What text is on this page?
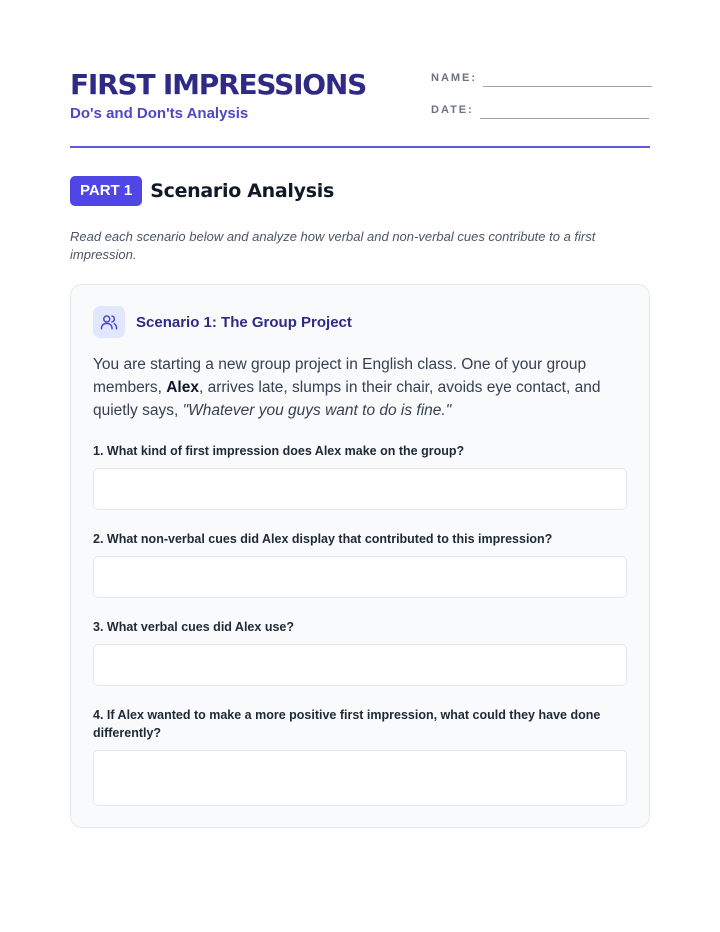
FIRST IMPRESSIONS
Do's and Don'ts Analysis
NAME:
DATE:
PART 1 Scenario Analysis

Read each scenario below and analyze how verbal and non-verbal cues contribute to a first impression.

Scenario 1: The Group Project

You are starting a new group project in English class. One of your group members, Alex, arrives late, slumps in their chair, avoids eye contact, and quietly says, "Whatever you guys want to do is fine."

1. What kind of first impression does Alex make on the group?

2. What non-verbal cues did Alex display that contributed to this impression?

3. What verbal cues did Alex use?

4. If Alex wanted to make a more positive first impression, what could they have done differently?
